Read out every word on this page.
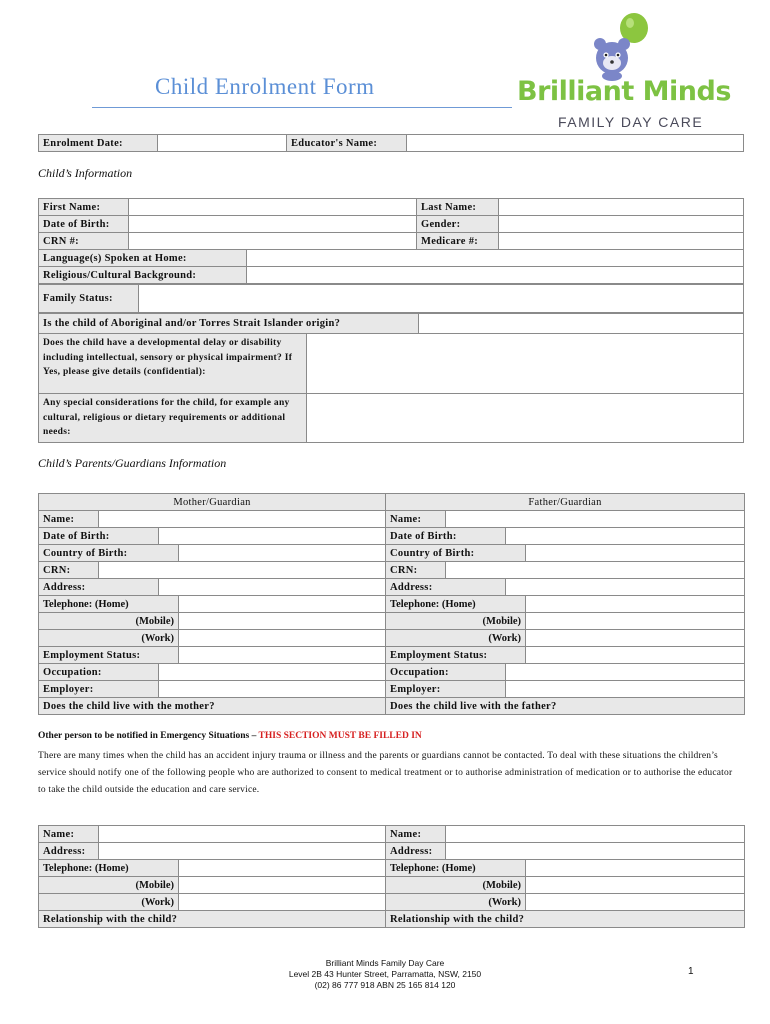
Child Enrolment Form	Brilliant Minds
FAMILY DAY CARE
Enrolment Date:		Educator's Name:	
Child’s Information
First Name:		Last Name:	
Date of Birth:		Gender:	
CRN #:		Medicare #:	
Language(s) Spoken at Home:	
Religious/Cultural Background:	
Family Status:	
Is the child of Aboriginal and/or Torres Strait Islander origin?	
Does the child have a developmental delay or disability including intellectual, sensory or physical impairment? If Yes, please give details (confidential):	
Any special considerations for the child, for example any cultural, religious or dietary requirements or additional needs:	
Child’s Parents/Guardians Information
Mother/Guardian				Father/Guardian			
Name:				Name:			
Date of Birth:				Date of Birth:			
Country of Birth:				Country of Birth:			
CRN:				CRN:			
Address:				Address:			
Telephone: (Home)				Telephone: (Home)			
(Mobile)				(Mobile)			
(Work)				(Work)			
Employment Status:				Employment Status:			
Occupation:				Occupation:			
Employer:				Employer:			
Does the child live with the mother?				Does the child live with the father?			
Other person to be notified in Emergency Situations – THIS SECTION MUST BE FILLED IN
There are many times when the child has an accident injury trauma or illness and the parents or guardians cannot be contacted. To deal with these situations the children’s service should notify one of the following people who are authorized to consent to medical treatment or to authorise administration of medication or to authorise the educator to take the child outside the education and care service.
Name:			Name:		
Address:			Address:		
Telephone: (Home)			Telephone: (Home)		
(Mobile)			(Mobile)		
(Work)			(Work)		
Relationship with the child?			Relationship with the child?		
Brilliant Minds Family Day Care
Level 2B 43 Hunter Street, Parramatta, NSW, 2150
(02) 86 777 918 ABN 25 165 814 120
1
